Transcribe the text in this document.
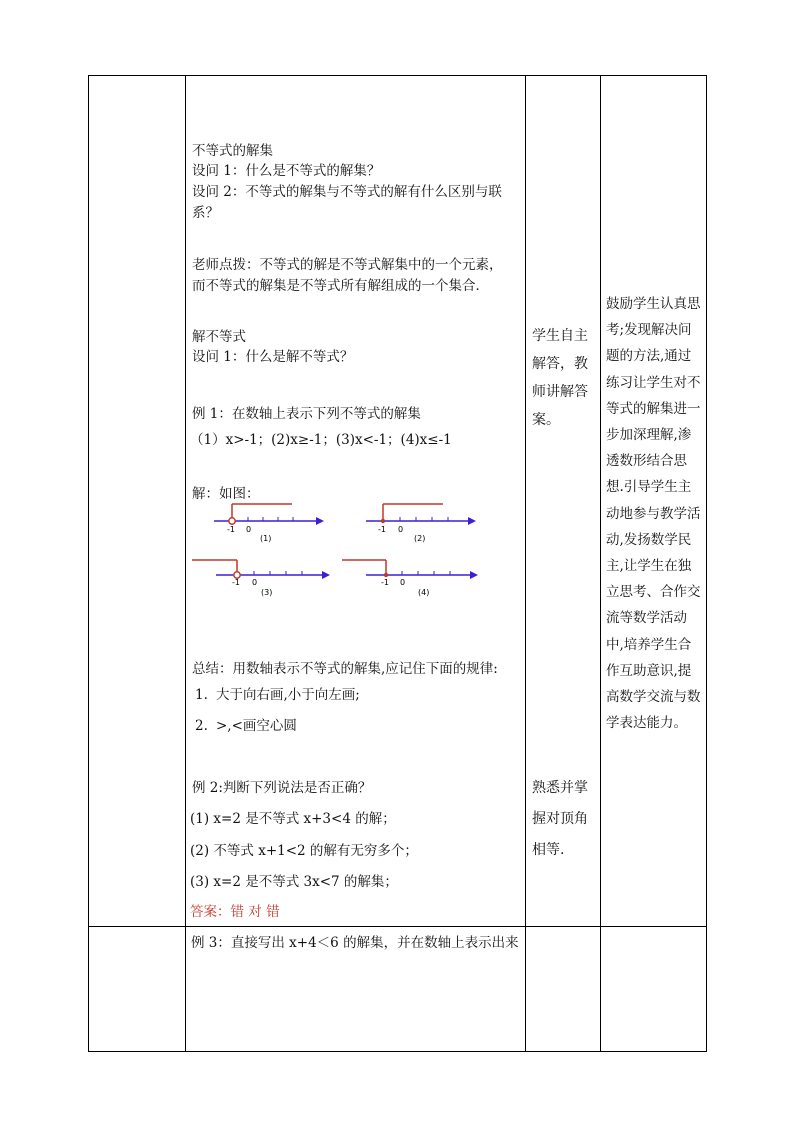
不等式的解集
设问 1：什么是不等式的解集？
设问 2：不等式的解集与不等式的解有什么区别与联
系？
老师点拨：不等式的解是不等式解集中的一个元素，
而不等式的解集是不等式所有解组成的一个集合．
解不等式
设问 1：什么是解不等式？
例 1：在数轴上表示下列不等式的解集
（1）x>-1；(2)x≥-1；(3)x<-1；(4)x≤-1
解：如图：
-1 0
(1)
-1 0
(2)
-1 0
(3)
-1 0
(4)
总结：用数轴表示不等式的解集,应记住下面的规律:
1. 大于向右画,小于向左画;
2. >,<画空心圆
例 2:判断下列说法是否正确？
(1) x=2 是不等式 x+3<4 的解；
(2) 不等式 x+1<2 的解有无穷多个；
(3) x=2 是不等式 3x<7 的解集；
答案：错 对 错
例 3：直接写出 x+4＜6 的解集，并在数轴上表示出来
学生自主解答，教师讲解答案。
熟悉并掌握对顶角相等.
鼓励学生认真思考;发现解决问题的方法,通过练习让学生对不等式的解集进一步加深理解,渗透数形结合思想.引导学生主动地参与教学活动,发扬数学民主,让学生在独立思考、合作交流等数学活动中,培养学生合作互助意识,提高数学交流与数学表达能力。
